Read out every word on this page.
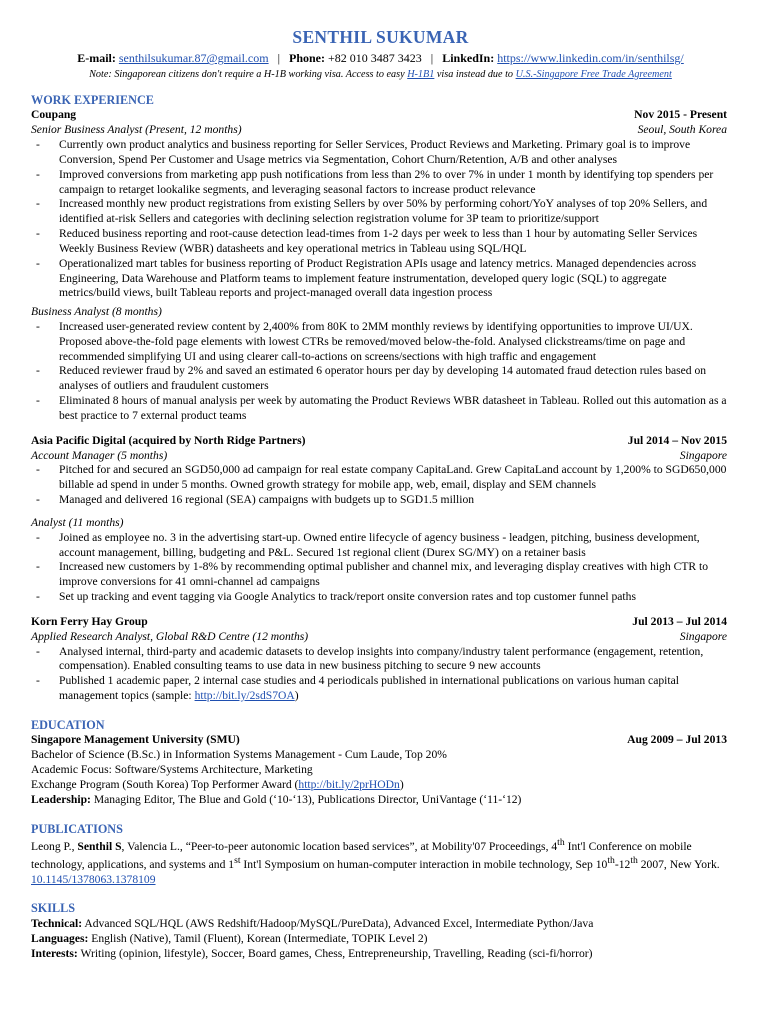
SENTHIL SUKUMAR
E-mail: senthilsukumar.87@gmail.com | Phone: +82 010 3487 3423 | LinkedIn: https://www.linkedin.com/in/senthilsg/
Note: Singaporean citizens don't require a H-1B working visa. Access to easy H-1B1 visa instead due to U.S.-Singapore Free Trade Agreement
WORK EXPERIENCE
Coupang	Nov 2015 - Present
Senior Business Analyst (Present, 12 months)	Seoul, South Korea
- Currently own product analytics and business reporting for Seller Services, Product Reviews and Marketing. Primary goal is to improve Conversion, Spend Per Customer and Usage metrics via Segmentation, Cohort Churn/Retention, A/B and other analyses
- Improved conversions from marketing app push notifications from less than 2% to over 7% in under 1 month by identifying top spenders per campaign to retarget lookalike segments, and leveraging seasonal factors to increase product relevance
- Increased monthly new product registrations from existing Sellers by over 50% by performing cohort/YoY analyses of top 20% Sellers, and identified at-risk Sellers and categories with declining selection registration volume for 3P team to prioritize/support
- Reduced business reporting and root-cause detection lead-times from 1-2 days per week to less than 1 hour by automating Seller Services Weekly Business Review (WBR) datasheets and key operational metrics in Tableau using SQL/HQL
- Operationalized mart tables for business reporting of Product Registration APIs usage and latency metrics. Managed dependencies across Engineering, Data Warehouse and Platform teams to implement feature instrumentation, developed query logic (SQL) to aggregate metrics/build views, built Tableau reports and project-managed overall data ingestion process
Business Analyst (8 months)
- Increased user-generated review content by 2,400% from 80K to 2MM monthly reviews by identifying opportunities to improve UI/UX. Proposed above-the-fold page elements with lowest CTRs be removed/moved below-the-fold. Analysed clickstreams/time on page and recommended simplifying UI and using clearer call-to-actions on screens/sections with high traffic and engagement
- Reduced reviewer fraud by 2% and saved an estimated 6 operator hours per day by developing 14 automated fraud detection rules based on analyses of outliers and fraudulent customers
- Eliminated 8 hours of manual analysis per week by automating the Product Reviews WBR datasheet in Tableau. Rolled out this automation as a best practice to 7 external product teams
Asia Pacific Digital (acquired by North Ridge Partners)	Jul 2014 – Nov 2015
Account Manager (5 months)	Singapore
- Pitched for and secured an SGD50,000 ad campaign for real estate company CapitaLand. Grew CapitaLand account by 1,200% to SGD650,000 billable ad spend in under 5 months. Owned growth strategy for mobile app, web, email, display and SEM channels
- Managed and delivered 16 regional (SEA) campaigns with budgets up to SGD1.5 million
Analyst (11 months)
- Joined as employee no. 3 in the advertising start-up. Owned entire lifecycle of agency business - leadgen, pitching, business development, account management, billing, budgeting and P&L. Secured 1st regional client (Durex SG/MY) on a retainer basis
- Increased new customers by 1-8% by recommending optimal publisher and channel mix, and leveraging display creatives with high CTR to improve conversions for 41 omni-channel ad campaigns
- Set up tracking and event tagging via Google Analytics to track/report onsite conversion rates and top customer funnel paths
Korn Ferry Hay Group	Jul 2013 – Jul 2014
Applied Research Analyst, Global R&D Centre (12 months)	Singapore
- Analysed internal, third-party and academic datasets to develop insights into company/industry talent performance (engagement, retention, compensation). Enabled consulting teams to use data in new business pitching to secure 9 new accounts
- Published 1 academic paper, 2 internal case studies and 4 periodicals published in international publications on various human capital management topics (sample: http://bit.ly/2sdS7OA)
EDUCATION
Singapore Management University (SMU)	Aug 2009 – Jul 2013
Bachelor of Science (B.Sc.) in Information Systems Management - Cum Laude, Top 20%
Academic Focus: Software/Systems Architecture, Marketing
Exchange Program (South Korea) Top Performer Award (http://bit.ly/2prHODn)
Leadership: Managing Editor, The Blue and Gold (‘10-‘13), Publications Director, UniVantage (‘11-‘12)
PUBLICATIONS
Leong P., Senthil S, Valencia L., “Peer-to-peer autonomic location based services”, at Mobility'07 Proceedings, 4th Int'l Conference on mobile technology, applications, and systems and 1st Int'l Symposium on human-computer interaction in mobile technology, Sep 10th-12th 2007, New York. 10.1145/1378063.1378109
SKILLS
Technical: Advanced SQL/HQL (AWS Redshift/Hadoop/MySQL/PureData), Advanced Excel, Intermediate Python/Java
Languages: English (Native), Tamil (Fluent), Korean (Intermediate, TOPIK Level 2)
Interests: Writing (opinion, lifestyle), Soccer, Board games, Chess, Entrepreneurship, Travelling, Reading (sci-fi/horror)
